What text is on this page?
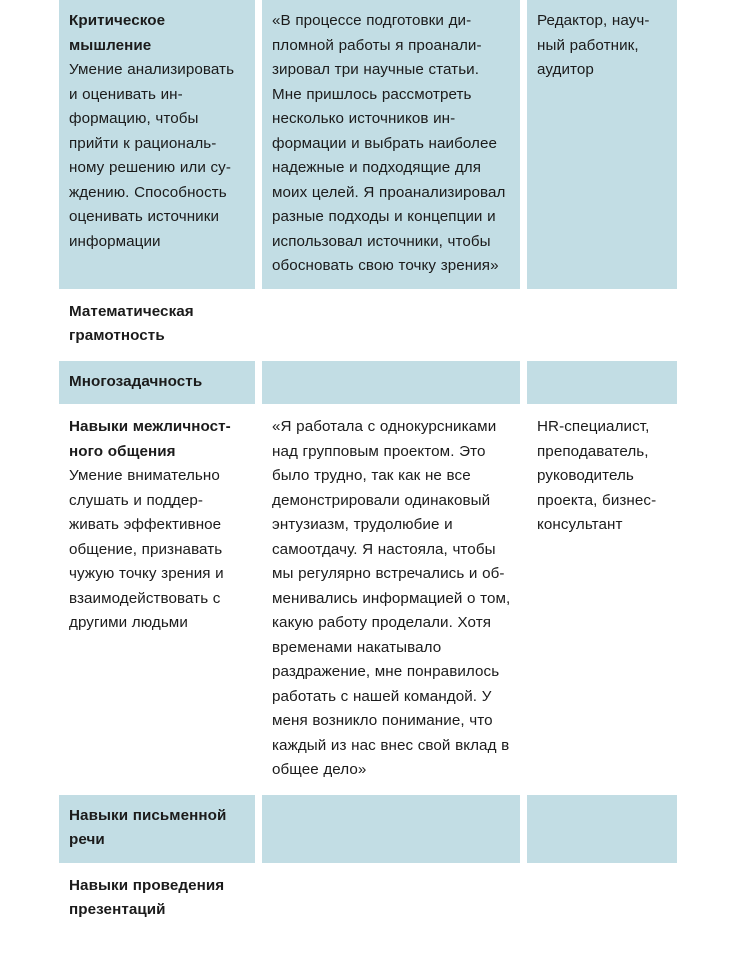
Критическое мышление
Умение анализировать и оценивать информацию, чтобы прийти к рациональному решению или суждению. Способность оценивать источники информации	«В процессе подготовки дипломной работы я проанализировал три научные статьи. Мне пришлось рассмотреть несколько источников информации и выбрать наиболее надежные и подходящие для моих целей. Я проанализировал разные подходы и концепции и использовал источники, чтобы обосновать свою точку зрения»	Редактор, научный работник, аудитор

Математическая грамотность		

Многозадачность		

Навыки межличностного общения
Умение внимательно слушать и поддерживать эффективное общение, признавать чужую точку зрения и взаимодействовать с другими людьми	«Я работала с однокурсниками над групповым проектом. Это было трудно, так как не все демонстрировали одинаковый энтузиазм, трудолюбие и самоотдачу. Я настояла, чтобы мы регулярно встречались и обменивались информацией о том, какую работу проделали. Хотя временами накатывало раздражение, мне понравилось работать с нашей командой. У меня возникло понимание, что каждый из нас внес свой вклад в общее дело»	HR-специалист, преподаватель, руководитель проекта, бизнес-консультант

Навыки письменной речи		

Навыки проведения презентаций		
